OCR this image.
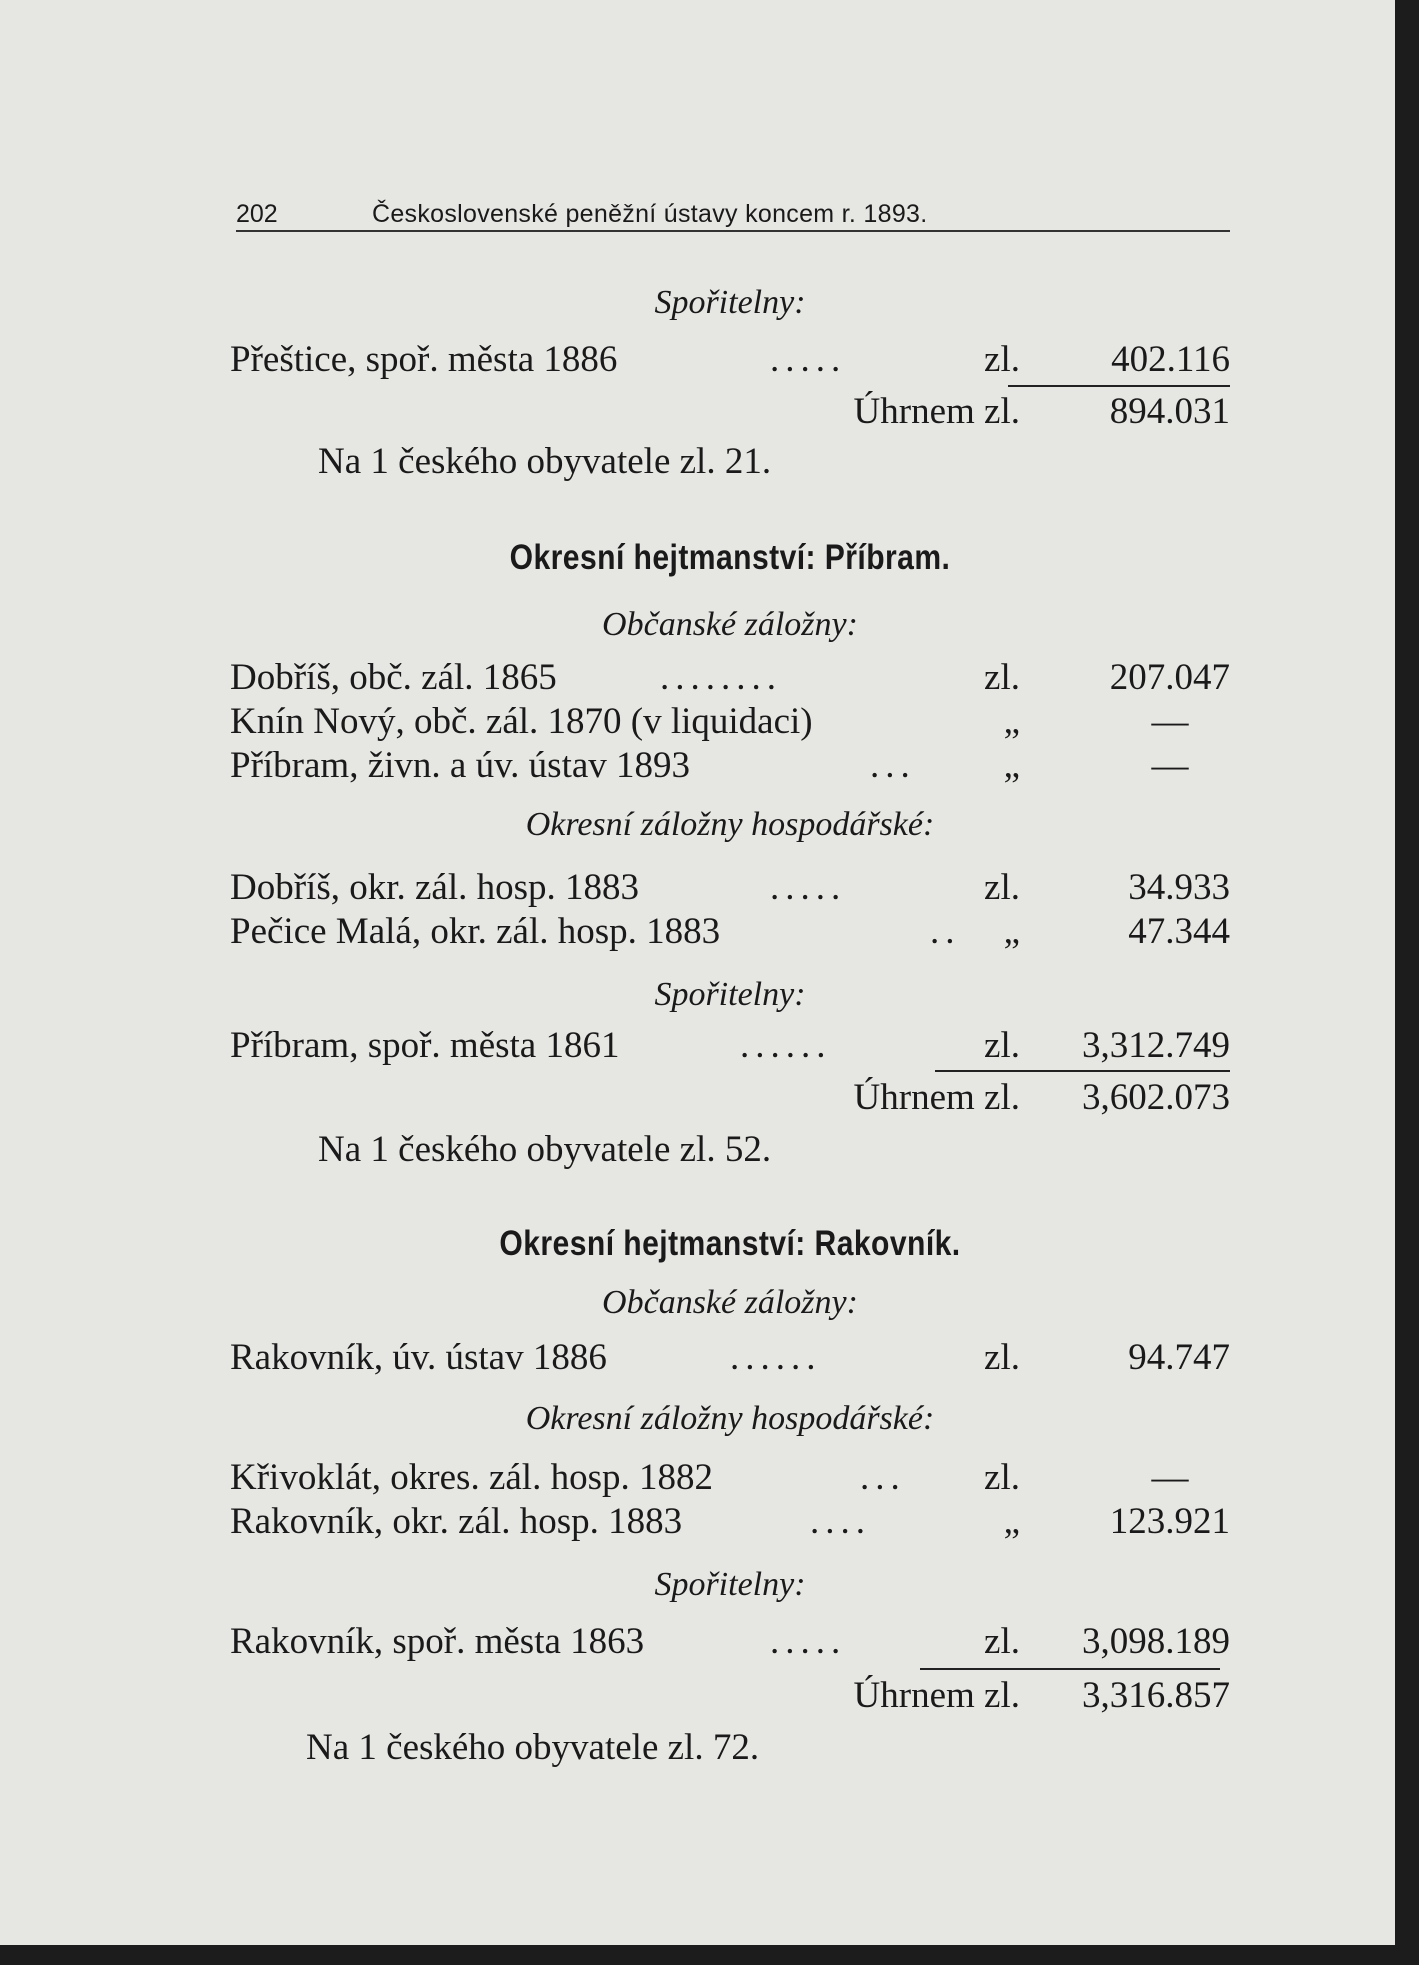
202	Československé peněžní ústavy koncem r. 1893.
Spořitelny:
Přeštice, spoř. města 1886	.....	zl.	402.116
Úhrnem zl. 894.031
Na 1 českého obyvatele zl. 21.
Okresní hejtmanství: Příbram.
Občanské záložny:
Dobříš, obč. zál. 1865	........	zl.	207.047
Knín Nový, obč. zál. 1870 (v liquidaci)	„	—
Příbram, živn. a úv. ústav 1893	... „	—
Okresní záložny hospodářské:
Dobříš, okr. zál. hosp. 1883	.....	zl.	34.933
Pečice Malá, okr. zál. hosp. 1883	.. „	47.344
Spořitelny:
Příbram, spoř. města 1861	......	zl.	3,312.749
Úhrnem zl. 3,602.073
Na 1 českého obyvatele zl. 52.
Okresní hejtmanství: Rakovník.
Občanské záložny:
Rakovník, úv. ústav 1886	......	zl.	94.747
Okresní záložny hospodářské:
Křivoklát, okres. zál. hosp. 1882	... zl.	—
Rakovník, okr. zál. hosp. 1883	....	„	123.921
Spořitelny:
Rakovník, spoř. města 1863	.....	zl.	3,098.189
Úhrnem zl. 3,316.857
Na 1 českého obyvatele zl. 72.
